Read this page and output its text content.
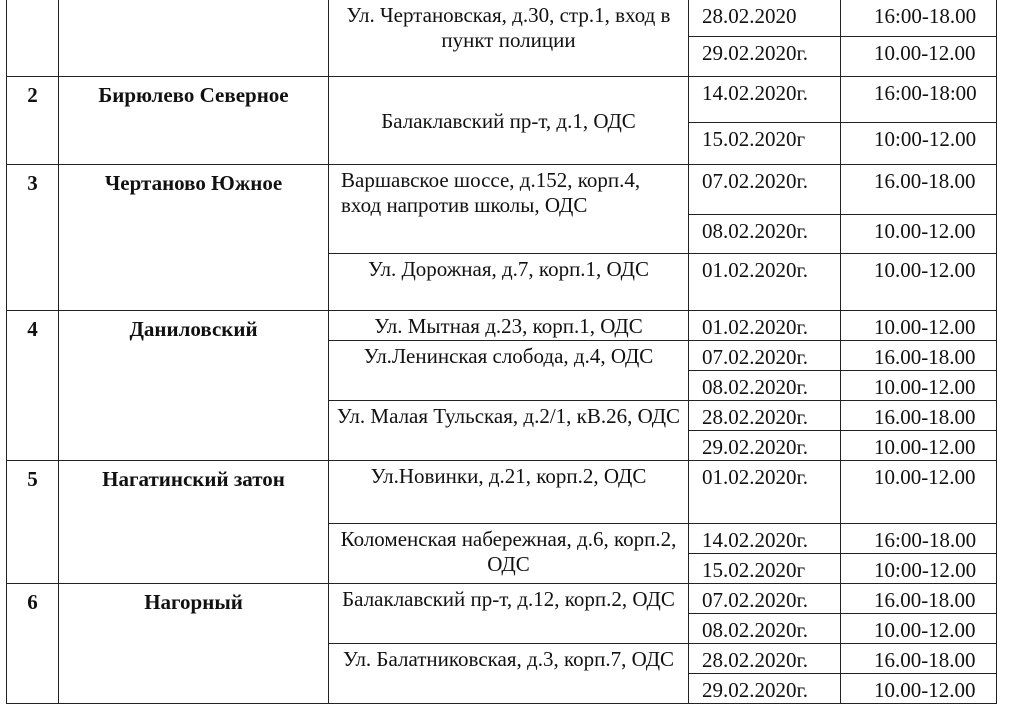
		Ул. Чертановская, д.30, стр.1, вход в пункт полиции	28.02.2020	16:00-18.00
			29.02.2020г.	10.00-12.00
2	Бирюлево Северное	Балаклавский пр-т, д.1, ОДС	14.02.2020г.	16:00-18:00
			15.02.2020г	10:00-12.00
3	Чертаново Южное	Варшавское шоссе, д.152, корп.4, вход напротив школы, ОДС	07.02.2020г.	16.00-18.00
			08.02.2020г.	10.00-12.00
		Ул. Дорожная, д.7, корп.1, ОДС	01.02.2020г.	10.00-12.00
4	Даниловский	Ул. Мытная д.23, корп.1, ОДС	01.02.2020г.	10.00-12.00
		Ул.Ленинская слобода, д.4, ОДС	07.02.2020г.	16.00-18.00
			08.02.2020г.	10.00-12.00
		Ул. Малая Тульская, д.2/1, кВ.26, ОДС	28.02.2020г.	16.00-18.00
			29.02.2020г.	10.00-12.00
5	Нагатинский затон	Ул.Новинки, д.21, корп.2, ОДС	01.02.2020г.	10.00-12.00
		Коломенская набережная, д.6, корп.2, ОДС	14.02.2020г.	16:00-18.00
			15.02.2020г	10:00-12.00
6	Нагорный	Балаклавский пр-т, д.12, корп.2, ОДС	07.02.2020г.	16.00-18.00
			08.02.2020г.	10.00-12.00
		Ул. Балатниковская, д.3, корп.7, ОДС	28.02.2020г.	16.00-18.00
			29.02.2020г.	10.00-12.00
